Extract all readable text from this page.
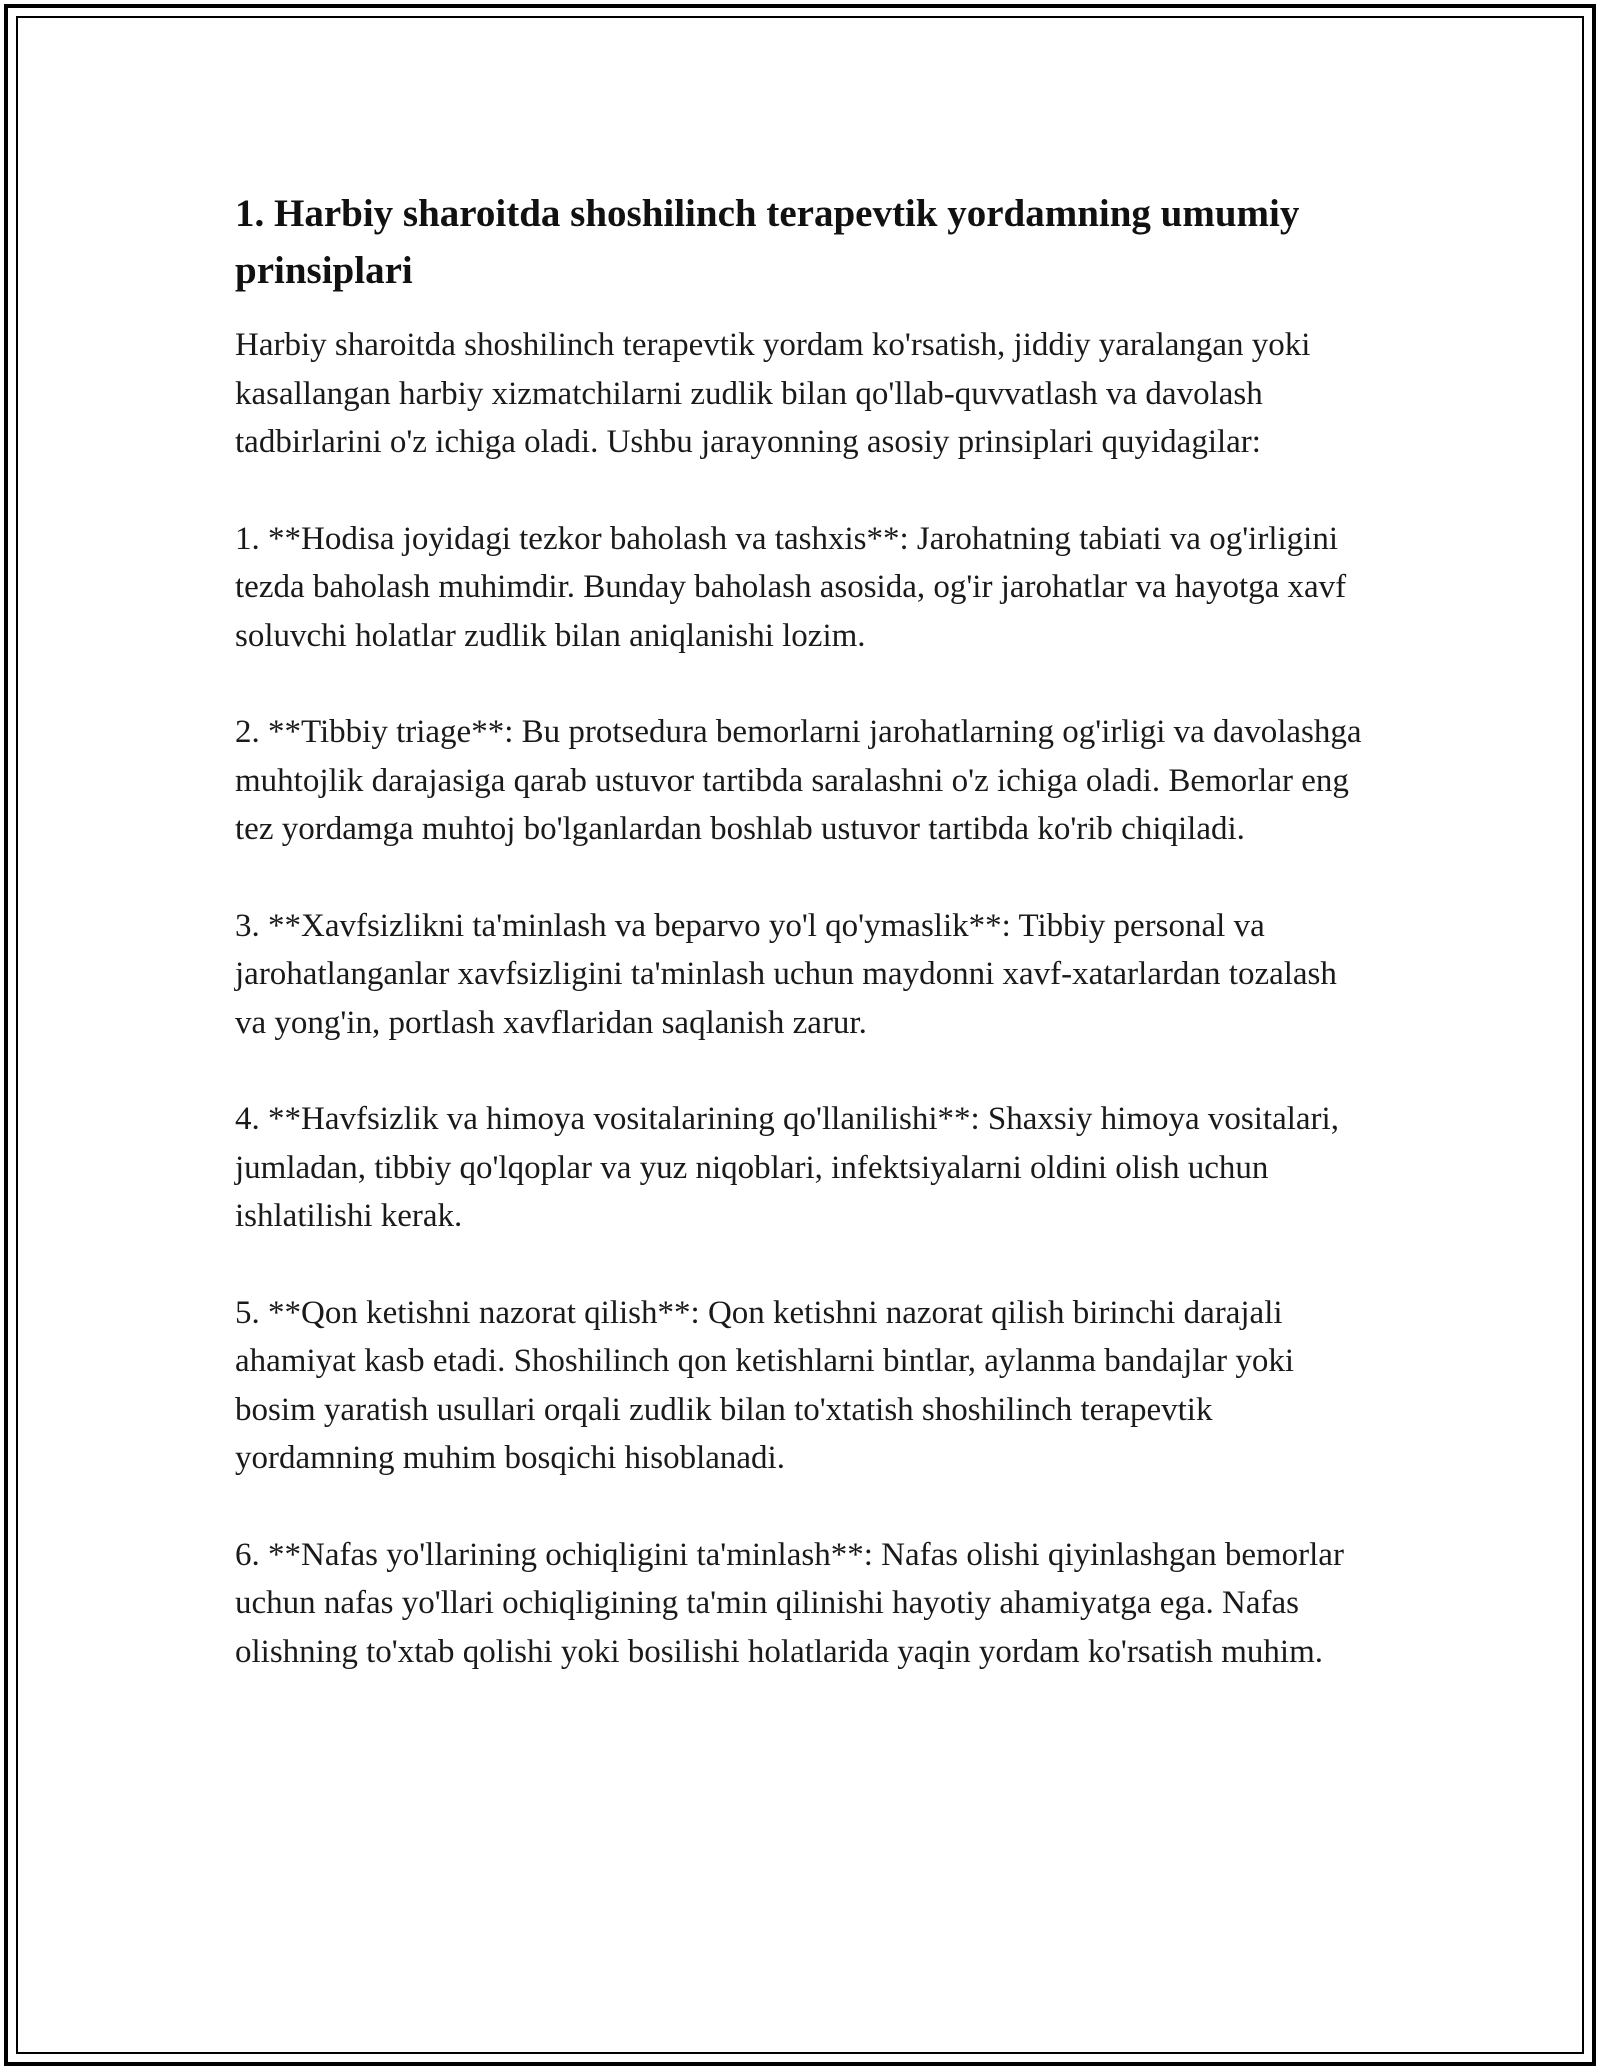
1. Harbiy sharoitda shoshilinch terapevtik yordamning umumiy prinsiplari

Harbiy sharoitda shoshilinch terapevtik yordam ko'rsatish, jiddiy yaralangan yoki kasallangan harbiy xizmatchilarni zudlik bilan qo'llab-quvvatlash va davolash tadbirlarini o'z ichiga oladi. Ushbu jarayonning asosiy prinsiplari quyidagilar:

1. **Hodisa joyidagi tezkor baholash va tashxis**: Jarohatning tabiati va og'irligini tezda baholash muhimdir. Bunday baholash asosida, og'ir jarohatlar va hayotga xavf soluvchi holatlar zudlik bilan aniqlanishi lozim.

2. **Tibbiy triage**: Bu protsedura bemorlarni jarohatlarning og'irligi va davolashga muhtojlik darajasiga qarab ustuvor tartibda saralashni o'z ichiga oladi. Bemorlar eng tez yordamga muhtoj bo'lganlardan boshlab ustuvor tartibda ko'rib chiqiladi.

3. **Xavfsizlikni ta'minlash va beparvo yo'l qo'ymaslik**: Tibbiy personal va jarohatlanganlar xavfsizligini ta'minlash uchun maydonni xavf-xatarlardan tozalash va yong'in, portlash xavflaridan saqlanish zarur.

4. **Havfsizlik va himoya vositalarining qo'llanilishi**: Shaxsiy himoya vositalari, jumladan, tibbiy qo'lqoplar va yuz niqoblari, infektsiyalarni oldini olish uchun ishlatilishi kerak.

5. **Qon ketishni nazorat qilish**: Qon ketishni nazorat qilish birinchi darajali ahamiyat kasb etadi. Shoshilinch qon ketishlarni bintlar, aylanma bandajlar yoki bosim yaratish usullari orqali zudlik bilan to'xtatish shoshilinch terapevtik yordamning muhim bosqichi hisoblanadi.

6. **Nafas yo'llarining ochiqligini ta'minlash**: Nafas olishi qiyinlashgan bemorlar uchun nafas yo'llari ochiqligining ta'min qilinishi hayotiy ahamiyatga ega. Nafas olishning to'xtab qolishi yoki bosilishi holatlarida yaqin yordam ko'rsatish muhim.
